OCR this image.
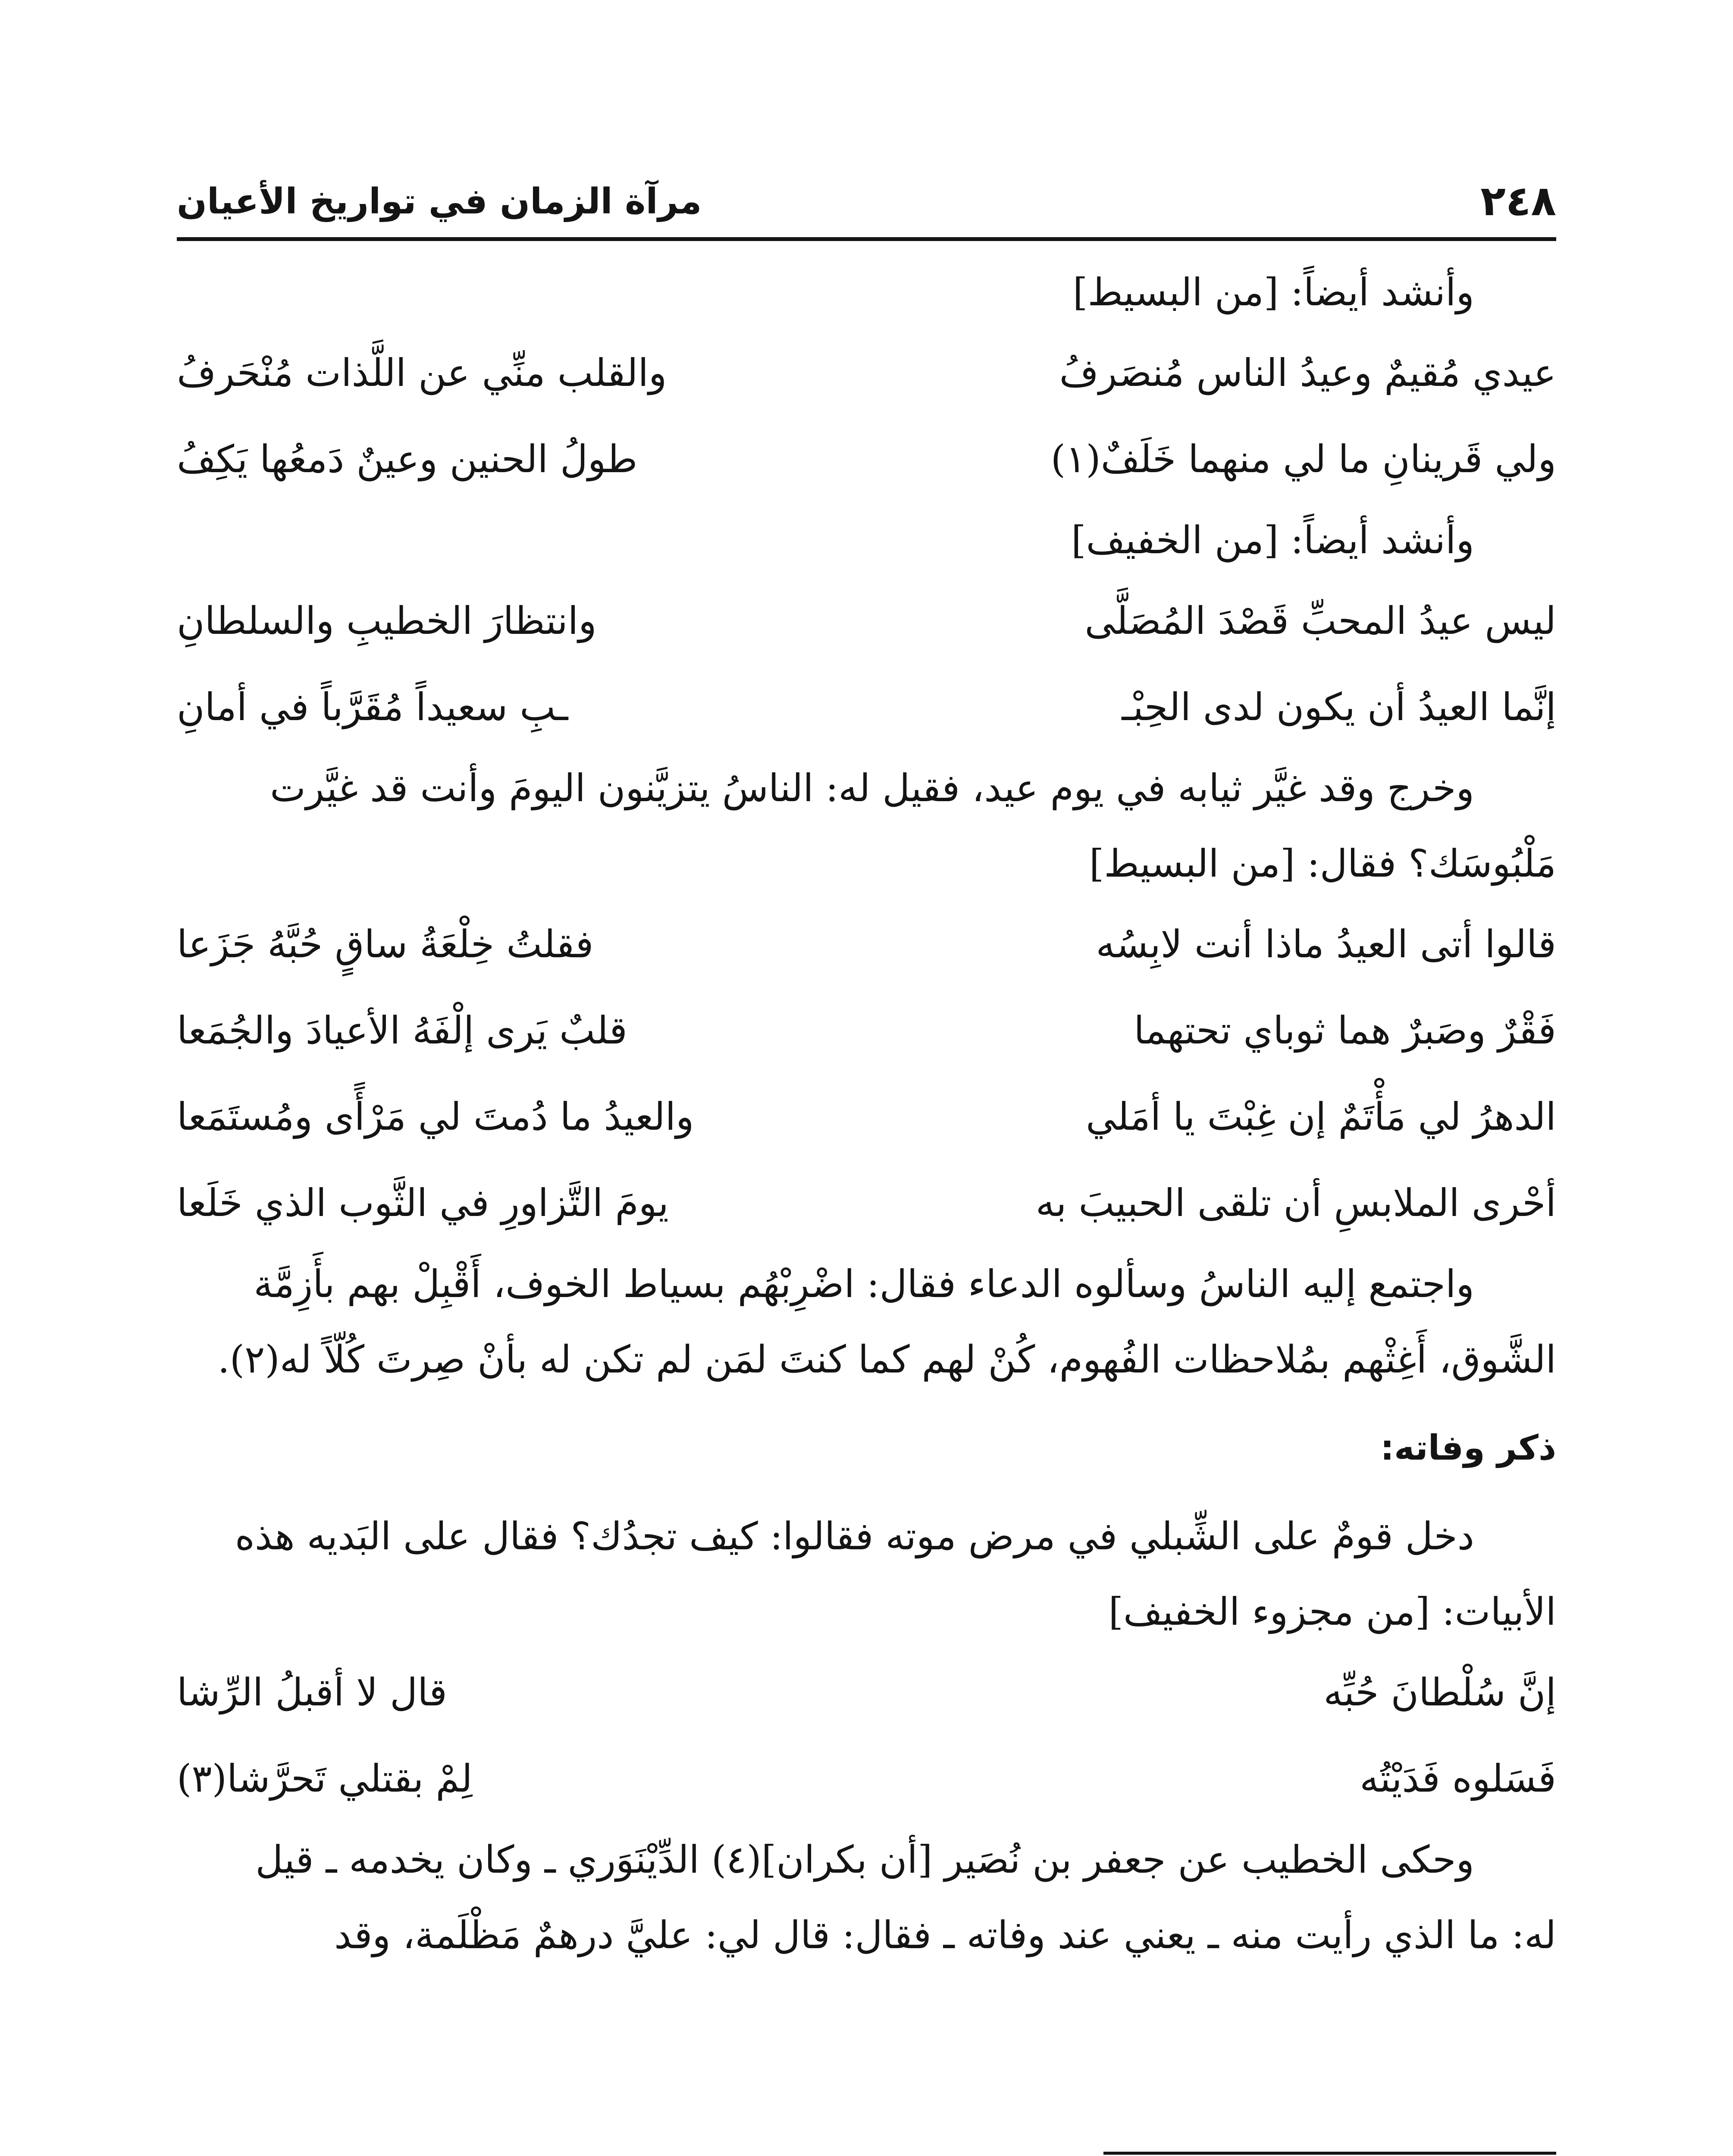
٢٤٨
مرآة الزمان في تواريخ الأعيان
وأنشد أيضاً: [من البسيط]
عيدي مُقيمٌ وعيدُ الناس مُنصَرفُ
والقلب منِّي عن اللَّذات مُنْحَرفُ
ولي قَرينانِ ما لي منهما خَلَفٌ(١)
طولُ الحنين وعينٌ دَمعُها يَكِفُ
وأنشد أيضاً: [من الخفيف]
ليس عيدُ المحبِّ قَصْدَ المُصَلَّى
وانتظارَ الخطيبِ والسلطانِ
إنَّما العيدُ أن يكون لدى الحِبْـ
ـبِ سعيداً مُقَرَّباً في أمانِ
وخرج وقد غيَّر ثيابه في يوم عيد، فقيل له: الناسُ يتزيَّنون اليومَ وأنت قد غيَّرت
مَلْبُوسَك؟ فقال: [من البسيط]
قالوا أتى العيدُ ماذا أنت لابِسُه
فقلتُ خِلْعَةُ ساقٍ حُبَّهُ جَزَعا
فَقْرٌ وصَبرٌ هما ثوباي تحتهما
قلبٌ يَرى إلْفَهُ الأعيادَ والجُمَعا
الدهرُ لي مَأْتَمٌ إن غِبْتَ يا أمَلي
والعيدُ ما دُمتَ لي مَرْأًى ومُستَمَعا
أحْرى الملابسِ أن تلقى الحبيبَ به
يومَ التَّزاورِ في الثَّوب الذي خَلَعا
واجتمع إليه الناسُ وسألوه الدعاء فقال: اضْرِبْهُم بسياط الخوف، أَقْبِلْ بهم بأَزِمَّة
الشَّوق، أَغِثْهم بمُلاحظات الفُهوم، كُنْ لهم كما كنتَ لمَن لم تكن له بأنْ صِرتَ كُلّاً له(٢).
ذكر وفاته:
دخل قومٌ على الشِّبلي في مرض موته فقالوا: كيف تجدُك؟ فقال على البَديه هذه
الأبيات: [من مجزوء الخفيف]
إنَّ سُلْطانَ حُبِّه
قال لا أقبلُ الرِّشا
فَسَلوه فَدَيْتُه
لِمْ بقتلي تَحرَّشا(٣)
وحكى الخطيب عن جعفر بن نُصَير [أن بكران](٤) الدِّيْنَوَري ـ وكان يخدمه ـ قيل
له: ما الذي رأيت منه ـ يعني عند وفاته ـ فقال: قال لي: عليَّ درهمٌ مَظْلَمة، وقد
